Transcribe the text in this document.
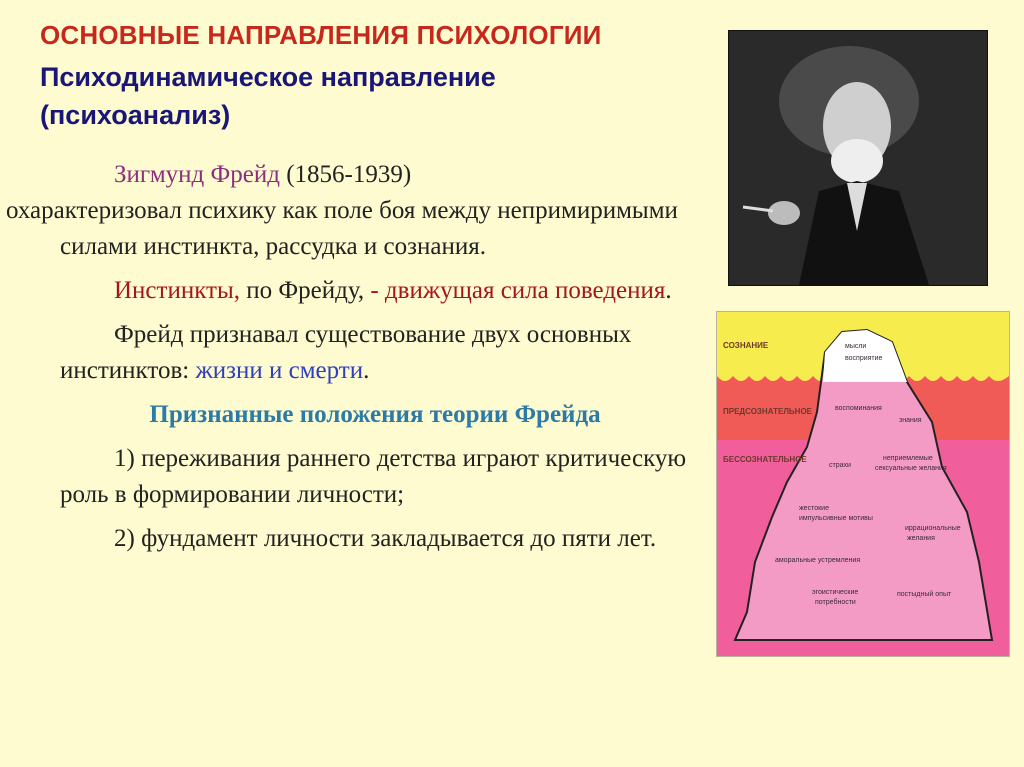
ОСНОВНЫЕ НАПРАВЛЕНИЯ ПСИХОЛОГИИ
Психодинамическое направление (психоанализ)

Зигмунд Фрейд (1856-1939)
охарактеризовал психику как поле боя между непримиримыми силами инстинкта, рассудка и сознания.

Инстинкты, по Фрейду, - движущая сила поведения.

Фрейд признавал существование двух основных инстинктов: жизни и смерти.

Признанные положения теории Фрейда

1) переживания раннего детства играют критическую роль в формировании личности;

2) фундамент личности закладывается до пяти лет.

СОЗНАНИЕ
ПРЕДСОЗНАТЕЛЬНОЕ
БЕССОЗНАТЕЛЬНОЕ
мысли
восприятие
воспоминания
знания
страхи
неприемлемые
сексуальные желания
жестокие
импульсивные мотивы
иррациональные
желания
аморальные устремления
эгоистические
потребности
постыдный опыт
